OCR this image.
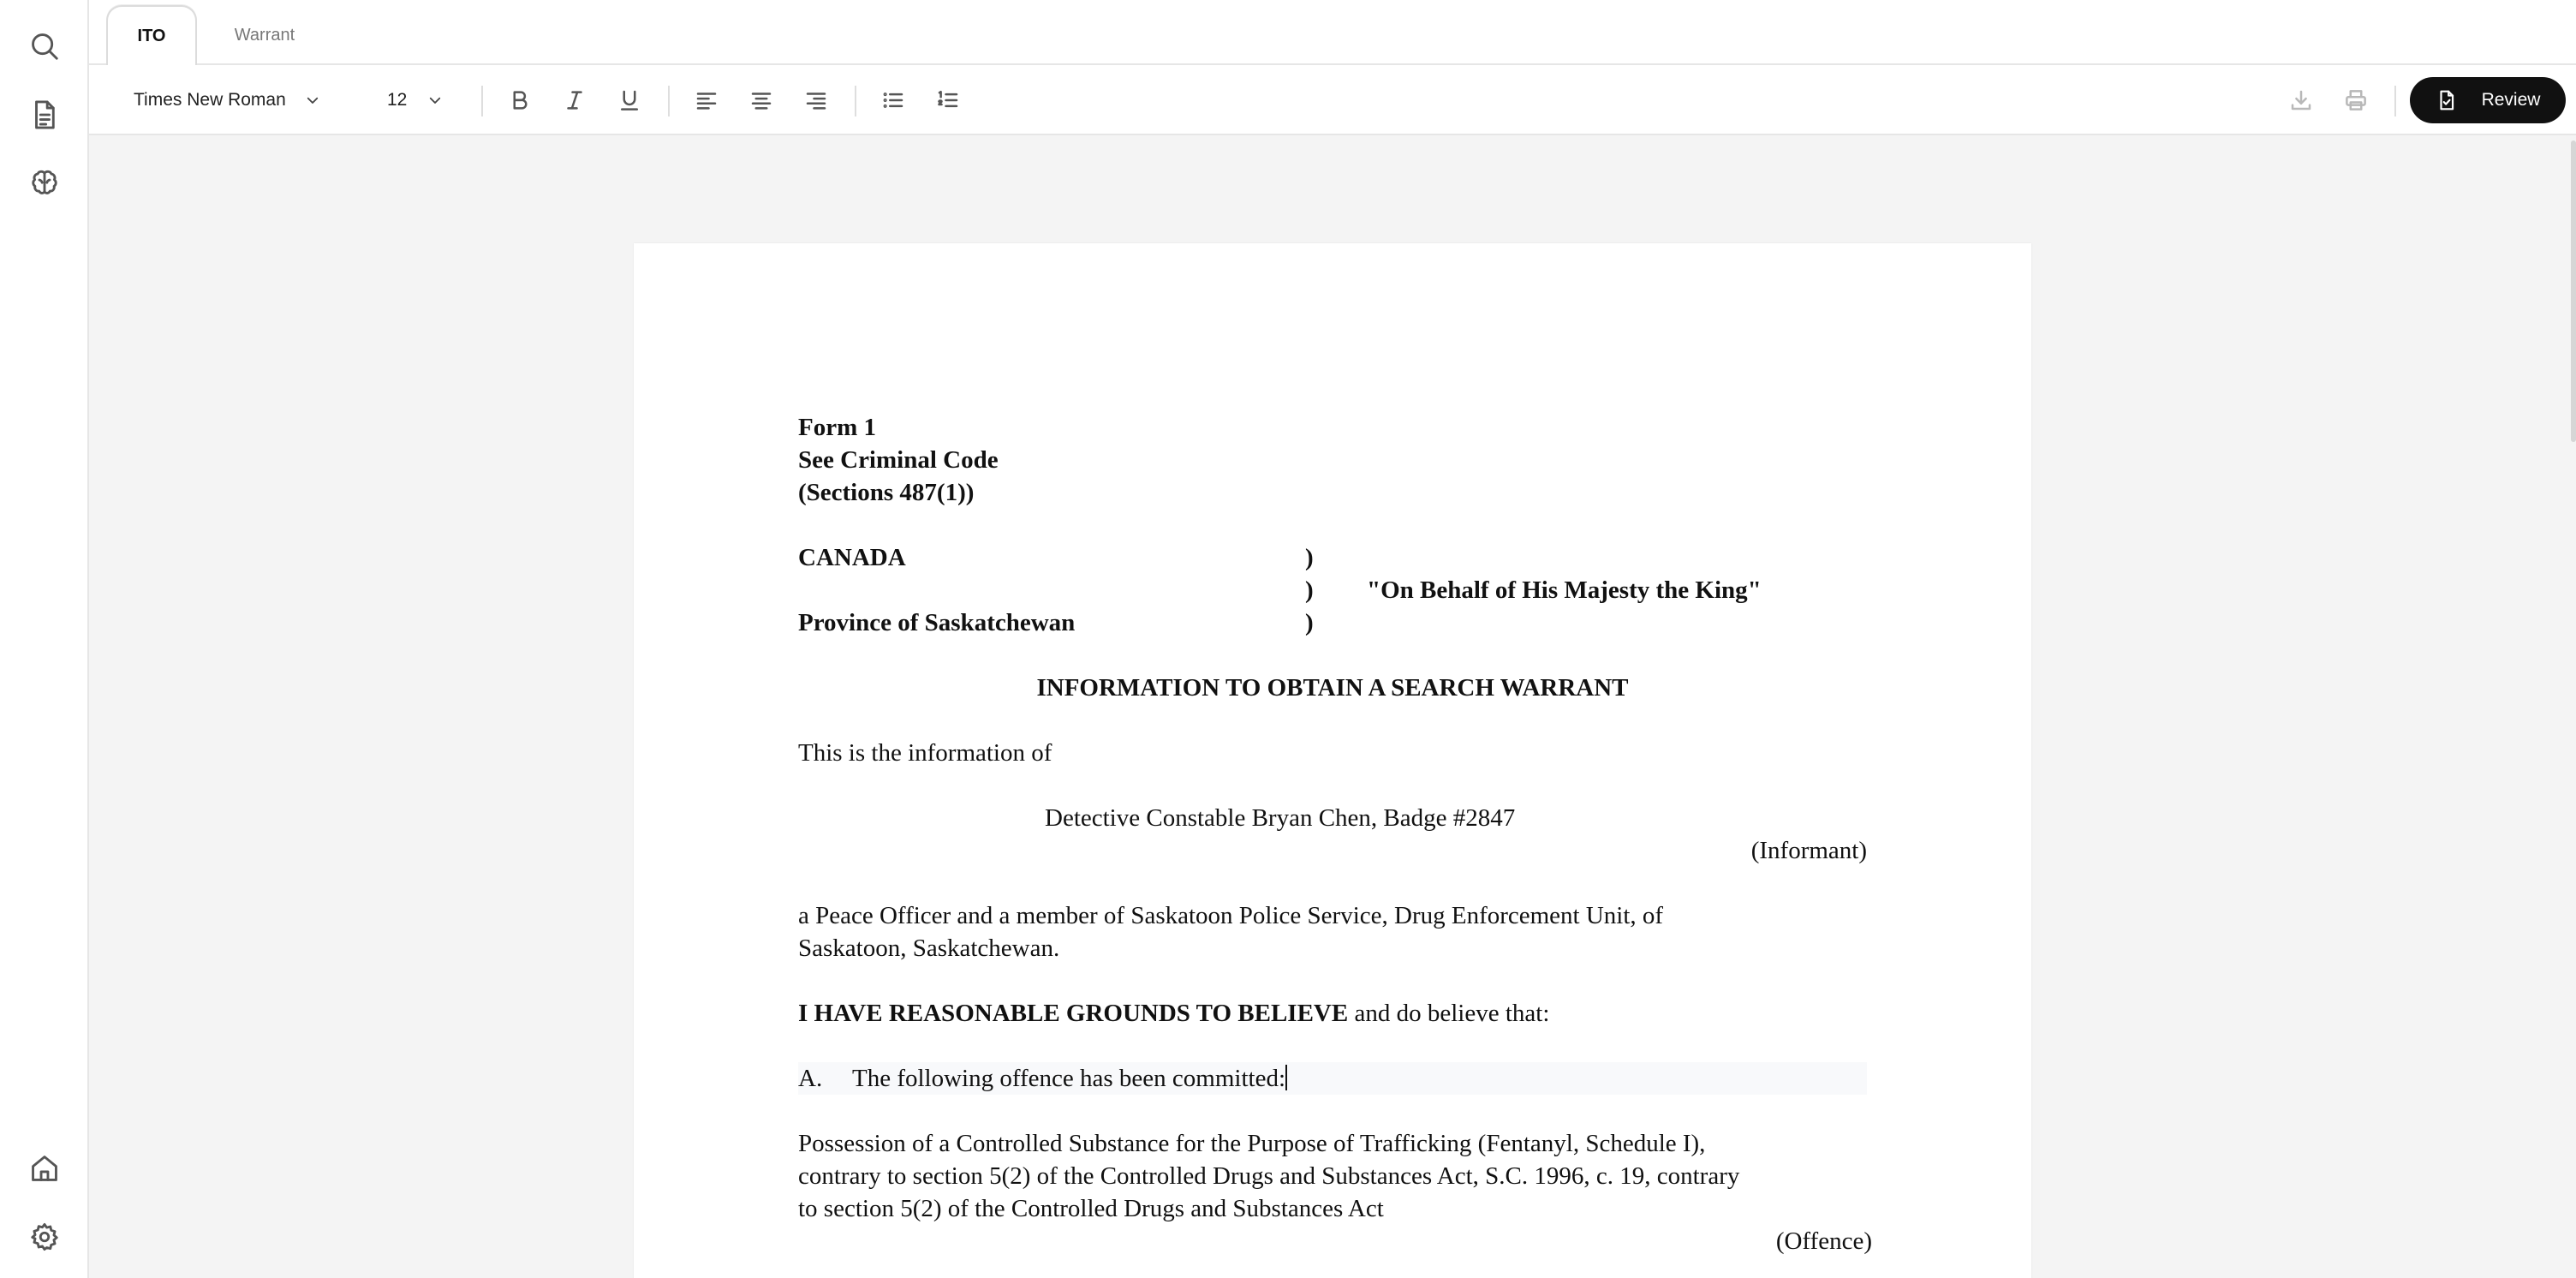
ITO	Warrant
Times New Roman	12	Review
Form 1
See Criminal Code
(Sections 487(1))
CANADA	)
) "On Behalf of His Majesty the King"
Province of Saskatchewan	)
INFORMATION TO OBTAIN A SEARCH WARRANT
This is the information of
Detective Constable Bryan Chen, Badge #2847
(Informant)
a Peace Officer and a member of Saskatoon Police Service, Drug Enforcement Unit, of
Saskatoon, Saskatchewan.
I HAVE REASONABLE GROUNDS TO BELIEVE and do believe that:
A. The following offence has been committed:
Possession of a Controlled Substance for the Purpose of Trafficking (Fentanyl, Schedule I),
contrary to section 5(2) of the Controlled Drugs and Substances Act, S.C. 1996, c. 19, contrary
to section 5(2) of the Controlled Drugs and Substances Act
(Offence)
